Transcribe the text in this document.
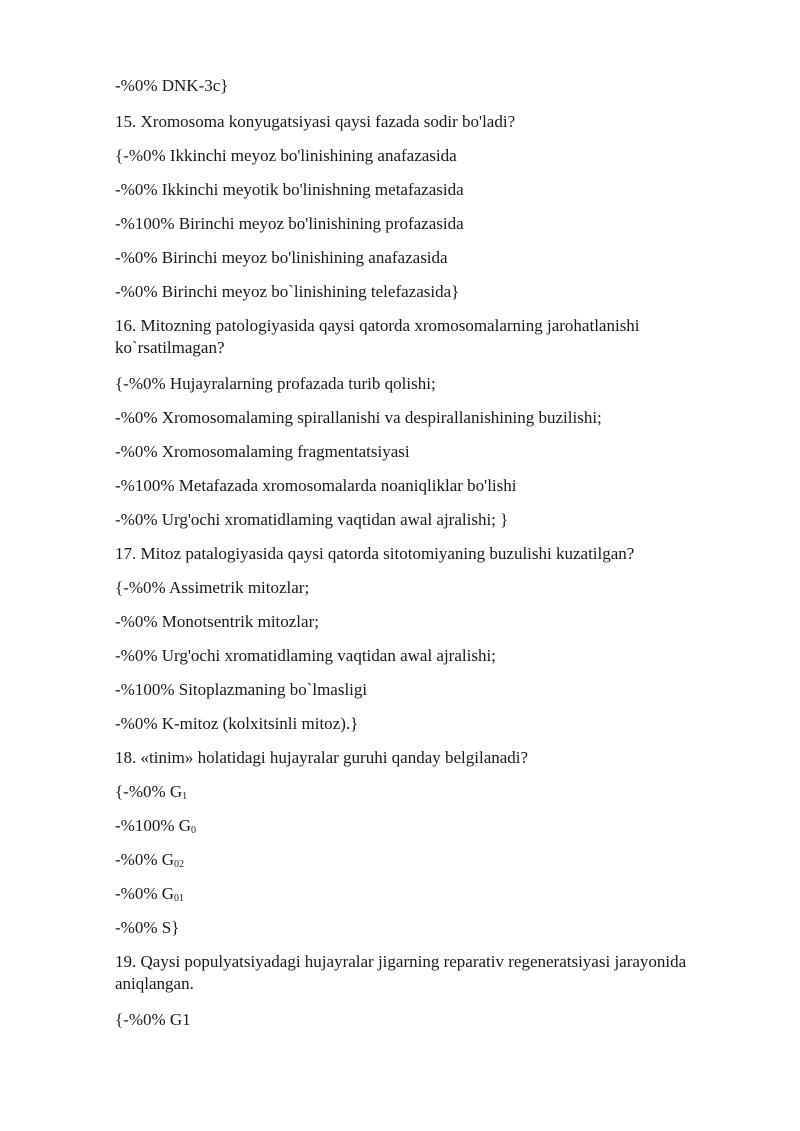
-%0% DNK-3c}
15. Xromosoma konyugatsiyasi qaysi fazada sodir bo'ladi?
{-%0% Ikkinchi meyoz bo'linishining anafazasida
-%0% Ikkinchi meyotik bo'linishning metafazasida
-%100% Birinchi meyoz bo'linishining profazasida
-%0% Birinchi meyoz bo'linishining anafazasida
-%0% Birinchi meyoz bo`linishining telefazasida}
16. Mitozning patologiyasida qaysi qatorda xromosomalarning jarohatlanishi ko`rsatilmagan?
{-%0% Hujayralarning profazada turib qolishi;
-%0% Xromosomalaming spirallanishi va despirallanishining buzilishi;
-%0% Xromosomalaming fragmentatsiyasi
-%100% Metafazada xromosomalarda noaniqliklar bo'lishi
-%0% Urg'ochi xromatidlaming vaqtidan awal ajralishi; }
17. Mitoz patalogiyasida qaysi qatorda sitotomiyaning buzulishi kuzatilgan?
{-%0% Assimetrik mitozlar;
-%0% Monotsentrik mitozlar;
-%0% Urg'ochi xromatidlaming vaqtidan awal ajralishi;
-%100% Sitoplazmaning bo`lmasligi
-%0% K-mitoz (kolxitsinli mitoz).}
18. «tinim» holatidagi hujayralar guruhi qanday belgilanadi?
{-%0% $G_1$
-%100% $G_0$
-%0% $G_{02}$
-%0% $G_{01}$
-%0% S}
19. Qaysi populyatsiyadagi hujayralar jigarning reparativ regeneratsiyasi jarayonida aniqlangan.
{-%0% G1
